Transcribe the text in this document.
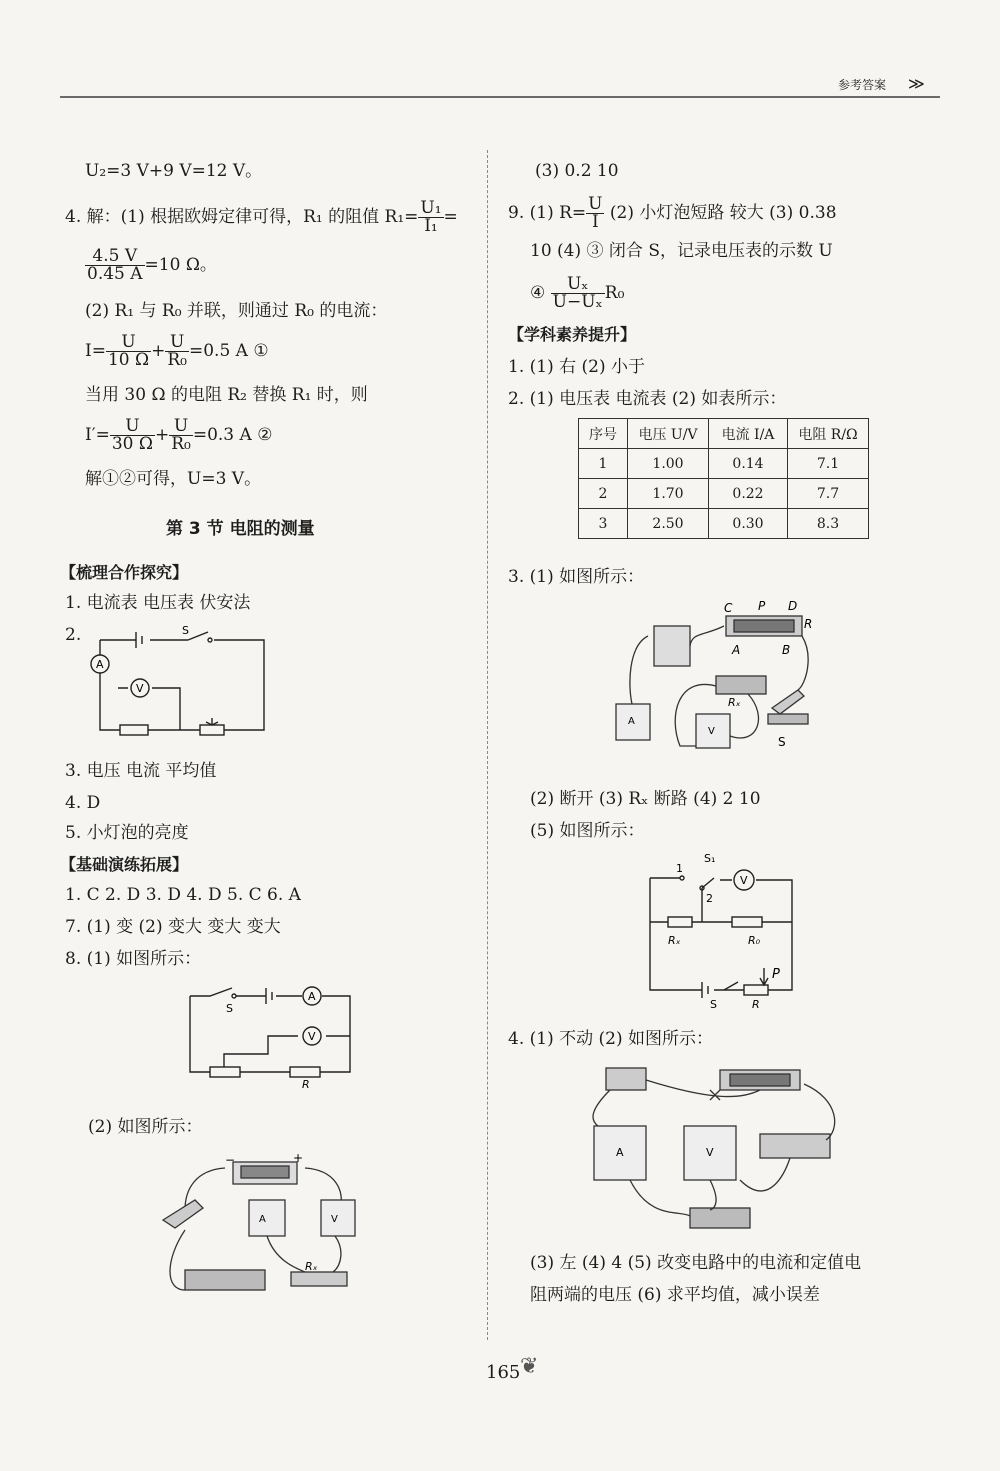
参考答案 ≫
U₂=3 V+9 V=12 V。
4. 解：(1) 根据欧姆定律可得，R₁ 的阻值 $R_1= \frac{\text{U₁}}{\text{I₁}}$ =
$\frac{4.5 V}{0.45 A} =10$ Ω。
(2) R₁ 与 R₀ 并联，则通过 R₀ 的电流：
$I= \frac{U}{10 \Omega} + \frac{U}{\text{R₀}} =0.5$ A ①
当用 30 Ω 的电阻 R₂ 替换 R₁ 时，则
$I'= \frac{U}{30 \Omega} + \frac{U}{\text{R₀}} =0.3$ A ②
解①②可得，U=3 V。
第 3 节 电阻的测量
【梳理合作探究】
1. 电流表 电压表 伏安法
2.	S
A
V
3. 电压 电流 平均值
4. D
5. 小灯泡的亮度
【基础演练拓展】
1. C 2. D 3. D 4. D 5. C 6. A
7. (1) 变 (2) 变大 变大 变大
8. (1) 如图所示：
S
A
V
R
(2) 如图所示：
−	+
A	V
Rₓ
(3) 0.2 10
9. (1) $R= \frac{U}{I} (2)$ 小灯泡短路 较大 (3) 0.38
10 (4) ③ 闭合 S，记录电压表的示数 U
④ $\frac{\text{Uₓ}}{\text{U−Uₓ}} R_0$
【学科素养提升】
1. (1) 右 (2) 小于
2. (1) 电压表 电流表 (2) 如表所示：
序号	电压 U/V	电流 I/A	电阻 R/Ω
1	1.00	0.14	7.1
2	1.70	0.22	7.7
3	2.50	0.30	8.3
3. (1) 如图所示：
C P D
R
A	B
Rₓ
S
A
V
(2) 断开 (3) Rₓ 断路 (4) 2 10
(5) 如图所示：
1
S₁
2
V
Rₓ	R₀
P
S	R
4. (1) 不动 (2) 如图所示：
A	V
(3) 左 (4) 4 (5) 改变电路中的电流和定值电
阻两端的电压 (6) 求平均值，减小误差
165 ❦
